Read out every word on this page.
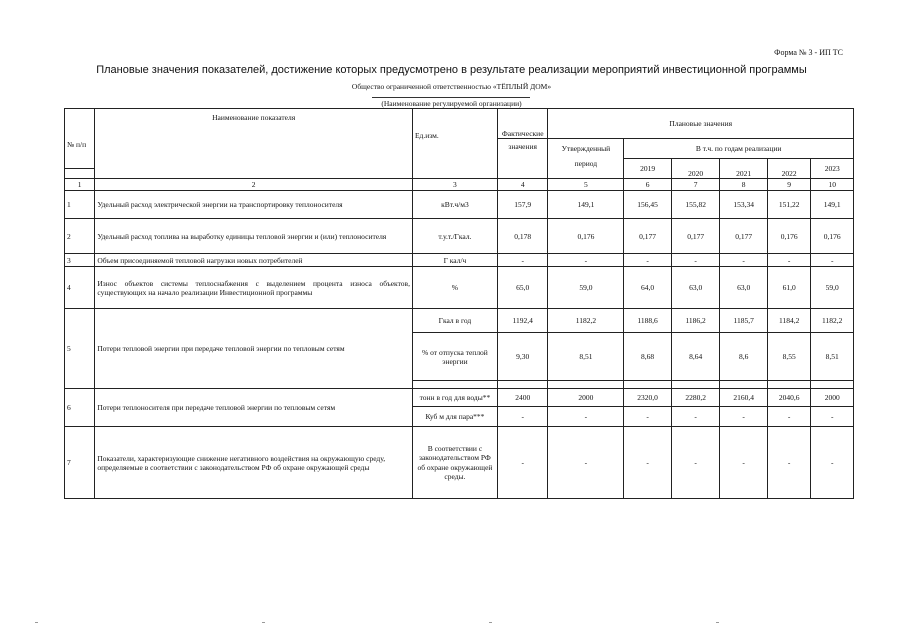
Форма № 3 - ИП ТС
Плановые значения показателей, достижение которых предусмотрено в результате реализации мероприятий инвестиционной программы
Общество ограниченной ответственностью «ТЁПЛЫЙ ДОМ»
(Наименование регулируемой организации)
	Наименование показателя	Ед.изм.	Фактические	Плановые значения					
№ п/п									
			значения	Утвержденный	В т.ч. по годам реализации				
				период	2019	2020	2021	2022	2023

1	2	3	4	5	6	7	8	9	10
1	Удельный расход электрической энергии на транспортировку теплоносителя	кВт.ч/м3	157,9	149,1	156,45	155,82	153,34	151,22	149,1
2	Удельный расход топлива на выработку единицы тепловой энергии и (или) теплоносителя	т.у.т./Гкал.	0,178	0,176	0,177	0,177	0,177	0,176	0,176
3	Объем присоединяемой тепловой нагрузки новых потребителей	Г кал/ч	-	-	-	-	-	-	-
4	Износ объектов системы теплоснабжения с выделением процента износа объектов, существующих на начало реализации Инвестиционной программы	%	65,0	59,0	64,0	63,0	63,0	61,0	59,0
5	Потери тепловой энергии при передаче тепловой энергии по тепловым сетям	Гкал в год	1192,4	1182,2	1188,6	1186,2	1185,7	1184,2	1182,2
		% от отпуска теплой энергии	9,30	8,51	8,68	8,64	8,6	8,55	8,51

6	Потери теплоносителя при передаче тепловой энергии по тепловым сетям	тонн в год для воды**	2400	2000	2320,0	2280,2	2160,4	2040,6	2000
		Куб м для пара***	-	-	-	-	-	-	-
7	Показатели, характеризующие снижение негативного воздействия на окружающую среду, определяемые в соответствии с законодательством РФ об охране окружающей среды	В соответствии с законодательством РФ об охране окружающей среды.	-	-	-	-	-	-	-
